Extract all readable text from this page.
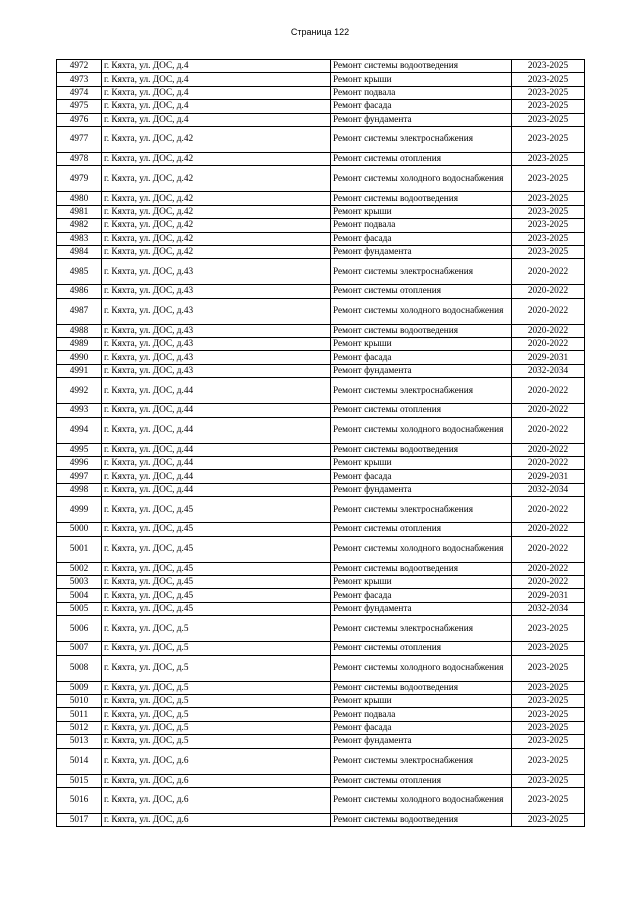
Страница 122
4972	г. Кяхта, ул. ДОС, д.4	Ремонт системы водоотведения	2023-2025
4973	г. Кяхта, ул. ДОС, д.4	Ремонт крыши	2023-2025
4974	г. Кяхта, ул. ДОС, д.4	Ремонт подвала	2023-2025
4975	г. Кяхта, ул. ДОС, д.4	Ремонт фасада	2023-2025
4976	г. Кяхта, ул. ДОС, д.4	Ремонт фундамента	2023-2025
4977	г. Кяхта, ул. ДОС, д.42	Ремонт системы электроснабжения	2023-2025
4978	г. Кяхта, ул. ДОС, д.42	Ремонт системы отопления	2023-2025
4979	г. Кяхта, ул. ДОС, д.42	Ремонт системы холодного водоснабжения	2023-2025
4980	г. Кяхта, ул. ДОС, д.42	Ремонт системы водоотведения	2023-2025
4981	г. Кяхта, ул. ДОС, д.42	Ремонт крыши	2023-2025
4982	г. Кяхта, ул. ДОС, д.42	Ремонт подвала	2023-2025
4983	г. Кяхта, ул. ДОС, д.42	Ремонт фасада	2023-2025
4984	г. Кяхта, ул. ДОС, д.42	Ремонт фундамента	2023-2025
4985	г. Кяхта, ул. ДОС, д.43	Ремонт системы электроснабжения	2020-2022
4986	г. Кяхта, ул. ДОС, д.43	Ремонт системы отопления	2020-2022
4987	г. Кяхта, ул. ДОС, д.43	Ремонт системы холодного водоснабжения	2020-2022
4988	г. Кяхта, ул. ДОС, д.43	Ремонт системы водоотведения	2020-2022
4989	г. Кяхта, ул. ДОС, д.43	Ремонт крыши	2020-2022
4990	г. Кяхта, ул. ДОС, д.43	Ремонт фасада	2029-2031
4991	г. Кяхта, ул. ДОС, д.43	Ремонт фундамента	2032-2034
4992	г. Кяхта, ул. ДОС, д.44	Ремонт системы электроснабжения	2020-2022
4993	г. Кяхта, ул. ДОС, д.44	Ремонт системы отопления	2020-2022
4994	г. Кяхта, ул. ДОС, д.44	Ремонт системы холодного водоснабжения	2020-2022
4995	г. Кяхта, ул. ДОС, д.44	Ремонт системы водоотведения	2020-2022
4996	г. Кяхта, ул. ДОС, д.44	Ремонт крыши	2020-2022
4997	г. Кяхта, ул. ДОС, д.44	Ремонт фасада	2029-2031
4998	г. Кяхта, ул. ДОС, д.44	Ремонт фундамента	2032-2034
4999	г. Кяхта, ул. ДОС, д.45	Ремонт системы электроснабжения	2020-2022
5000	г. Кяхта, ул. ДОС, д.45	Ремонт системы отопления	2020-2022
5001	г. Кяхта, ул. ДОС, д.45	Ремонт системы холодного водоснабжения	2020-2022
5002	г. Кяхта, ул. ДОС, д.45	Ремонт системы водоотведения	2020-2022
5003	г. Кяхта, ул. ДОС, д.45	Ремонт крыши	2020-2022
5004	г. Кяхта, ул. ДОС, д.45	Ремонт фасада	2029-2031
5005	г. Кяхта, ул. ДОС, д.45	Ремонт фундамента	2032-2034
5006	г. Кяхта, ул. ДОС, д.5	Ремонт системы электроснабжения	2023-2025
5007	г. Кяхта, ул. ДОС, д.5	Ремонт системы отопления	2023-2025
5008	г. Кяхта, ул. ДОС, д.5	Ремонт системы холодного водоснабжения	2023-2025
5009	г. Кяхта, ул. ДОС, д.5	Ремонт системы водоотведения	2023-2025
5010	г. Кяхта, ул. ДОС, д.5	Ремонт крыши	2023-2025
5011	г. Кяхта, ул. ДОС, д.5	Ремонт подвала	2023-2025
5012	г. Кяхта, ул. ДОС, д.5	Ремонт фасада	2023-2025
5013	г. Кяхта, ул. ДОС, д.5	Ремонт фундамента	2023-2025
5014	г. Кяхта, ул. ДОС, д.6	Ремонт системы электроснабжения	2023-2025
5015	г. Кяхта, ул. ДОС, д.6	Ремонт системы отопления	2023-2025
5016	г. Кяхта, ул. ДОС, д.6	Ремонт системы холодного водоснабжения	2023-2025
5017	г. Кяхта, ул. ДОС, д.6	Ремонт системы водоотведения	2023-2025
